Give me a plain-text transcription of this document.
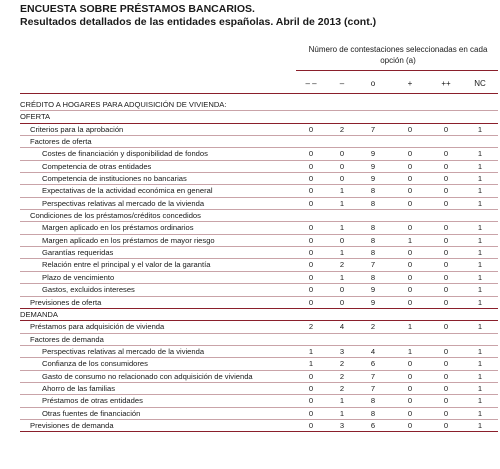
ENCUESTA SOBRE PRÉSTAMOS BANCARIOS.
Resultados detallados de las entidades españolas. Abril de 2013 (cont.)
Número de contestaciones seleccionadas en cada opción (a)
– –	–	o	+	++	NC
CRÉDITO A HOGARES PARA ADQUISICIÓN DE VIVIENDA:
OFERTA
Criterios para la aprobación	0	2	7	0	0	1
Factores de oferta
Costes de financiación y disponibilidad de fondos	0	0	9	0	0	1
Competencia de otras entidades	0	0	9	0	0	1
Competencia de instituciones no bancarias	0	0	9	0	0	1
Expectativas de la actividad económica en general	0	1	8	0	0	1
Perspectivas relativas al mercado de la vivienda	0	1	8	0	0	1
Condiciones de los préstamos/créditos concedidos
Margen aplicado en los préstamos ordinarios	0	1	8	0	0	1
Margen aplicado en los préstamos de mayor riesgo	0	0	8	1	0	1
Garantías requeridas	0	1	8	0	0	1
Relación entre el principal y el valor de la garantía	0	2	7	0	0	1
Plazo de vencimiento	0	1	8	0	0	1
Gastos, excluidos intereses	0	0	9	0	0	1
Previsiones de oferta	0	0	9	0	0	1
DEMANDA
Préstamos para adquisición de vivienda	2	4	2	1	0	1
Factores de demanda
Perspectivas relativas al mercado de la vivienda	1	3	4	1	0	1
Confianza de los consumidores	1	2	6	0	0	1
Gasto de consumo no relacionado con adquisición de vivienda	0	2	7	0	0	1
Ahorro de las familias	0	2	7	0	0	1
Préstamos de otras entidades	0	1	8	0	0	1
Otras fuentes de financiación	0	1	8	0	0	1
Previsiones de demanda	0	3	6	0	0	1
